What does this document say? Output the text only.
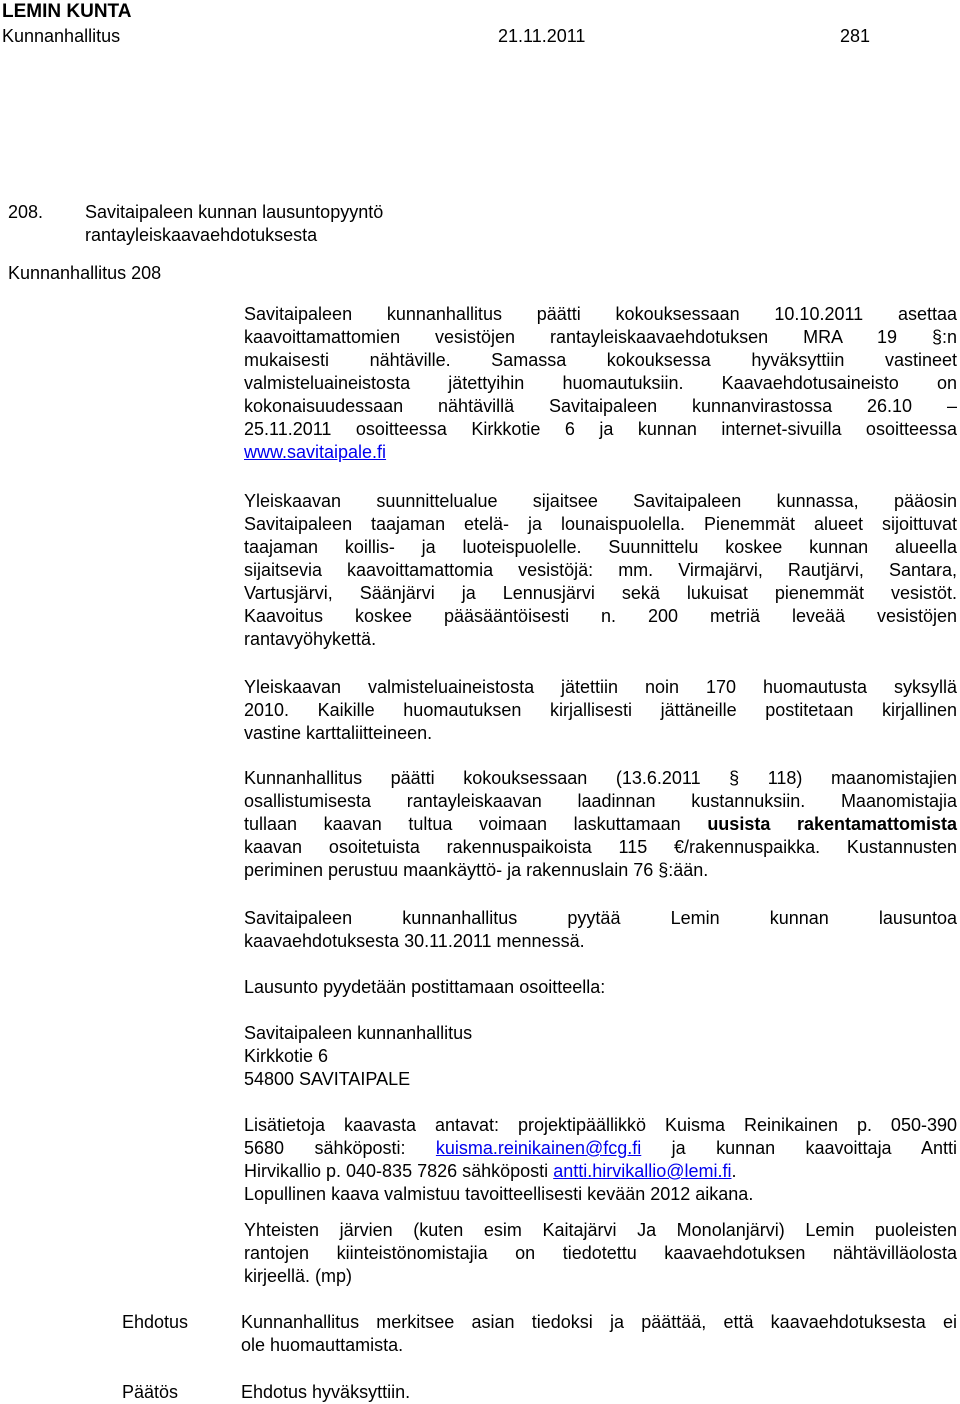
LEMIN KUNTA
Kunnanhallitus	21.11.2011	281
208. Savitaipaleen kunnan lausuntopyyntö
rantayleiskaavaehdotuksesta
Kunnanhallitus 208
Savitaipaleen kunnanhallitus päätti kokouksessaan 10.10.2011 asettaa
kaavoittamattomien vesistöjen rantayleiskaavaehdotuksen MRA 19 §:n
mukaisesti nähtäville. Samassa kokouksessa hyväksyttiin vastineet
valmisteluaineistosta jätettyihin huomautuksiin. Kaavaehdotusaineisto on
kokonaisuudessaan nähtävillä Savitaipaleen kunnanvirastossa 26.10 –
25.11.2011 osoitteessa Kirkkotie 6 ja kunnan internet-sivuilla osoitteessa
www.savitaipale.fi
Yleiskaavan suunnittelualue sijaitsee Savitaipaleen kunnassa, pääosin
Savitaipaleen taajaman etelä- ja lounaispuolella. Pienemmät alueet sijoittuvat
taajaman koillis- ja luoteispuolelle. Suunnittelu koskee kunnan alueella
sijaitsevia kaavoittamattomia vesistöjä: mm. Virmajärvi, Rautjärvi, Santara,
Vartusjärvi, Säänjärvi ja Lennusjärvi sekä lukuisat pienemmät vesistöt.
Kaavoitus koskee pääsääntöisesti n. 200 metriä leveää vesistöjen
rantavyöhykettä.
Yleiskaavan valmisteluaineistosta jätettiin noin 170 huomautusta syksyllä
2010. Kaikille huomautuksen kirjallisesti jättäneille postitetaan kirjallinen
vastine karttaliitteineen.
Kunnanhallitus päätti kokouksessaan (13.6.2011 § 118) maanomistajien
osallistumisesta rantayleiskaavan laadinnan kustannuksiin. Maanomistajia
tullaan kaavan tultua voimaan laskuttamaan uusista rakentamattomista
kaavan osoitetuista rakennuspaikoista 115 €/rakennuspaikka. Kustannusten
periminen perustuu maankäyttö- ja rakennuslain 76 §:ään.
Savitaipaleen kunnanhallitus pyytää Lemin kunnan lausuntoa
kaavaehdotuksesta 30.11.2011 mennessä.
Lausunto pyydetään postittamaan osoitteella:
Savitaipaleen kunnanhallitus
Kirkkotie 6
54800 SAVITAIPALE
Lisätietoja kaavasta antavat: projektipäällikkö Kuisma Reinikainen p. 050-390
5680 sähköposti: kuisma.reinikainen@fcg.fi ja kunnan kaavoittaja Antti
Hirvikallio p. 040-835 7826 sähköposti antti.hirvikallio@lemi.fi.
Lopullinen kaava valmistuu tavoitteellisesti kevään 2012 aikana.
Yhteisten järvien (kuten esim Kaitajärvi Ja Monolanjärvi) Lemin puoleisten
rantojen kiinteistönomistajia on tiedotettu kaavaehdotuksen nähtävilläolosta
kirjeellä. (mp)
Ehdotus	Kunnanhallitus merkitsee asian tiedoksi ja päättää, että kaavaehdotuksesta ei
ole huomauttamista.
Päätös	Ehdotus hyväksyttiin.
